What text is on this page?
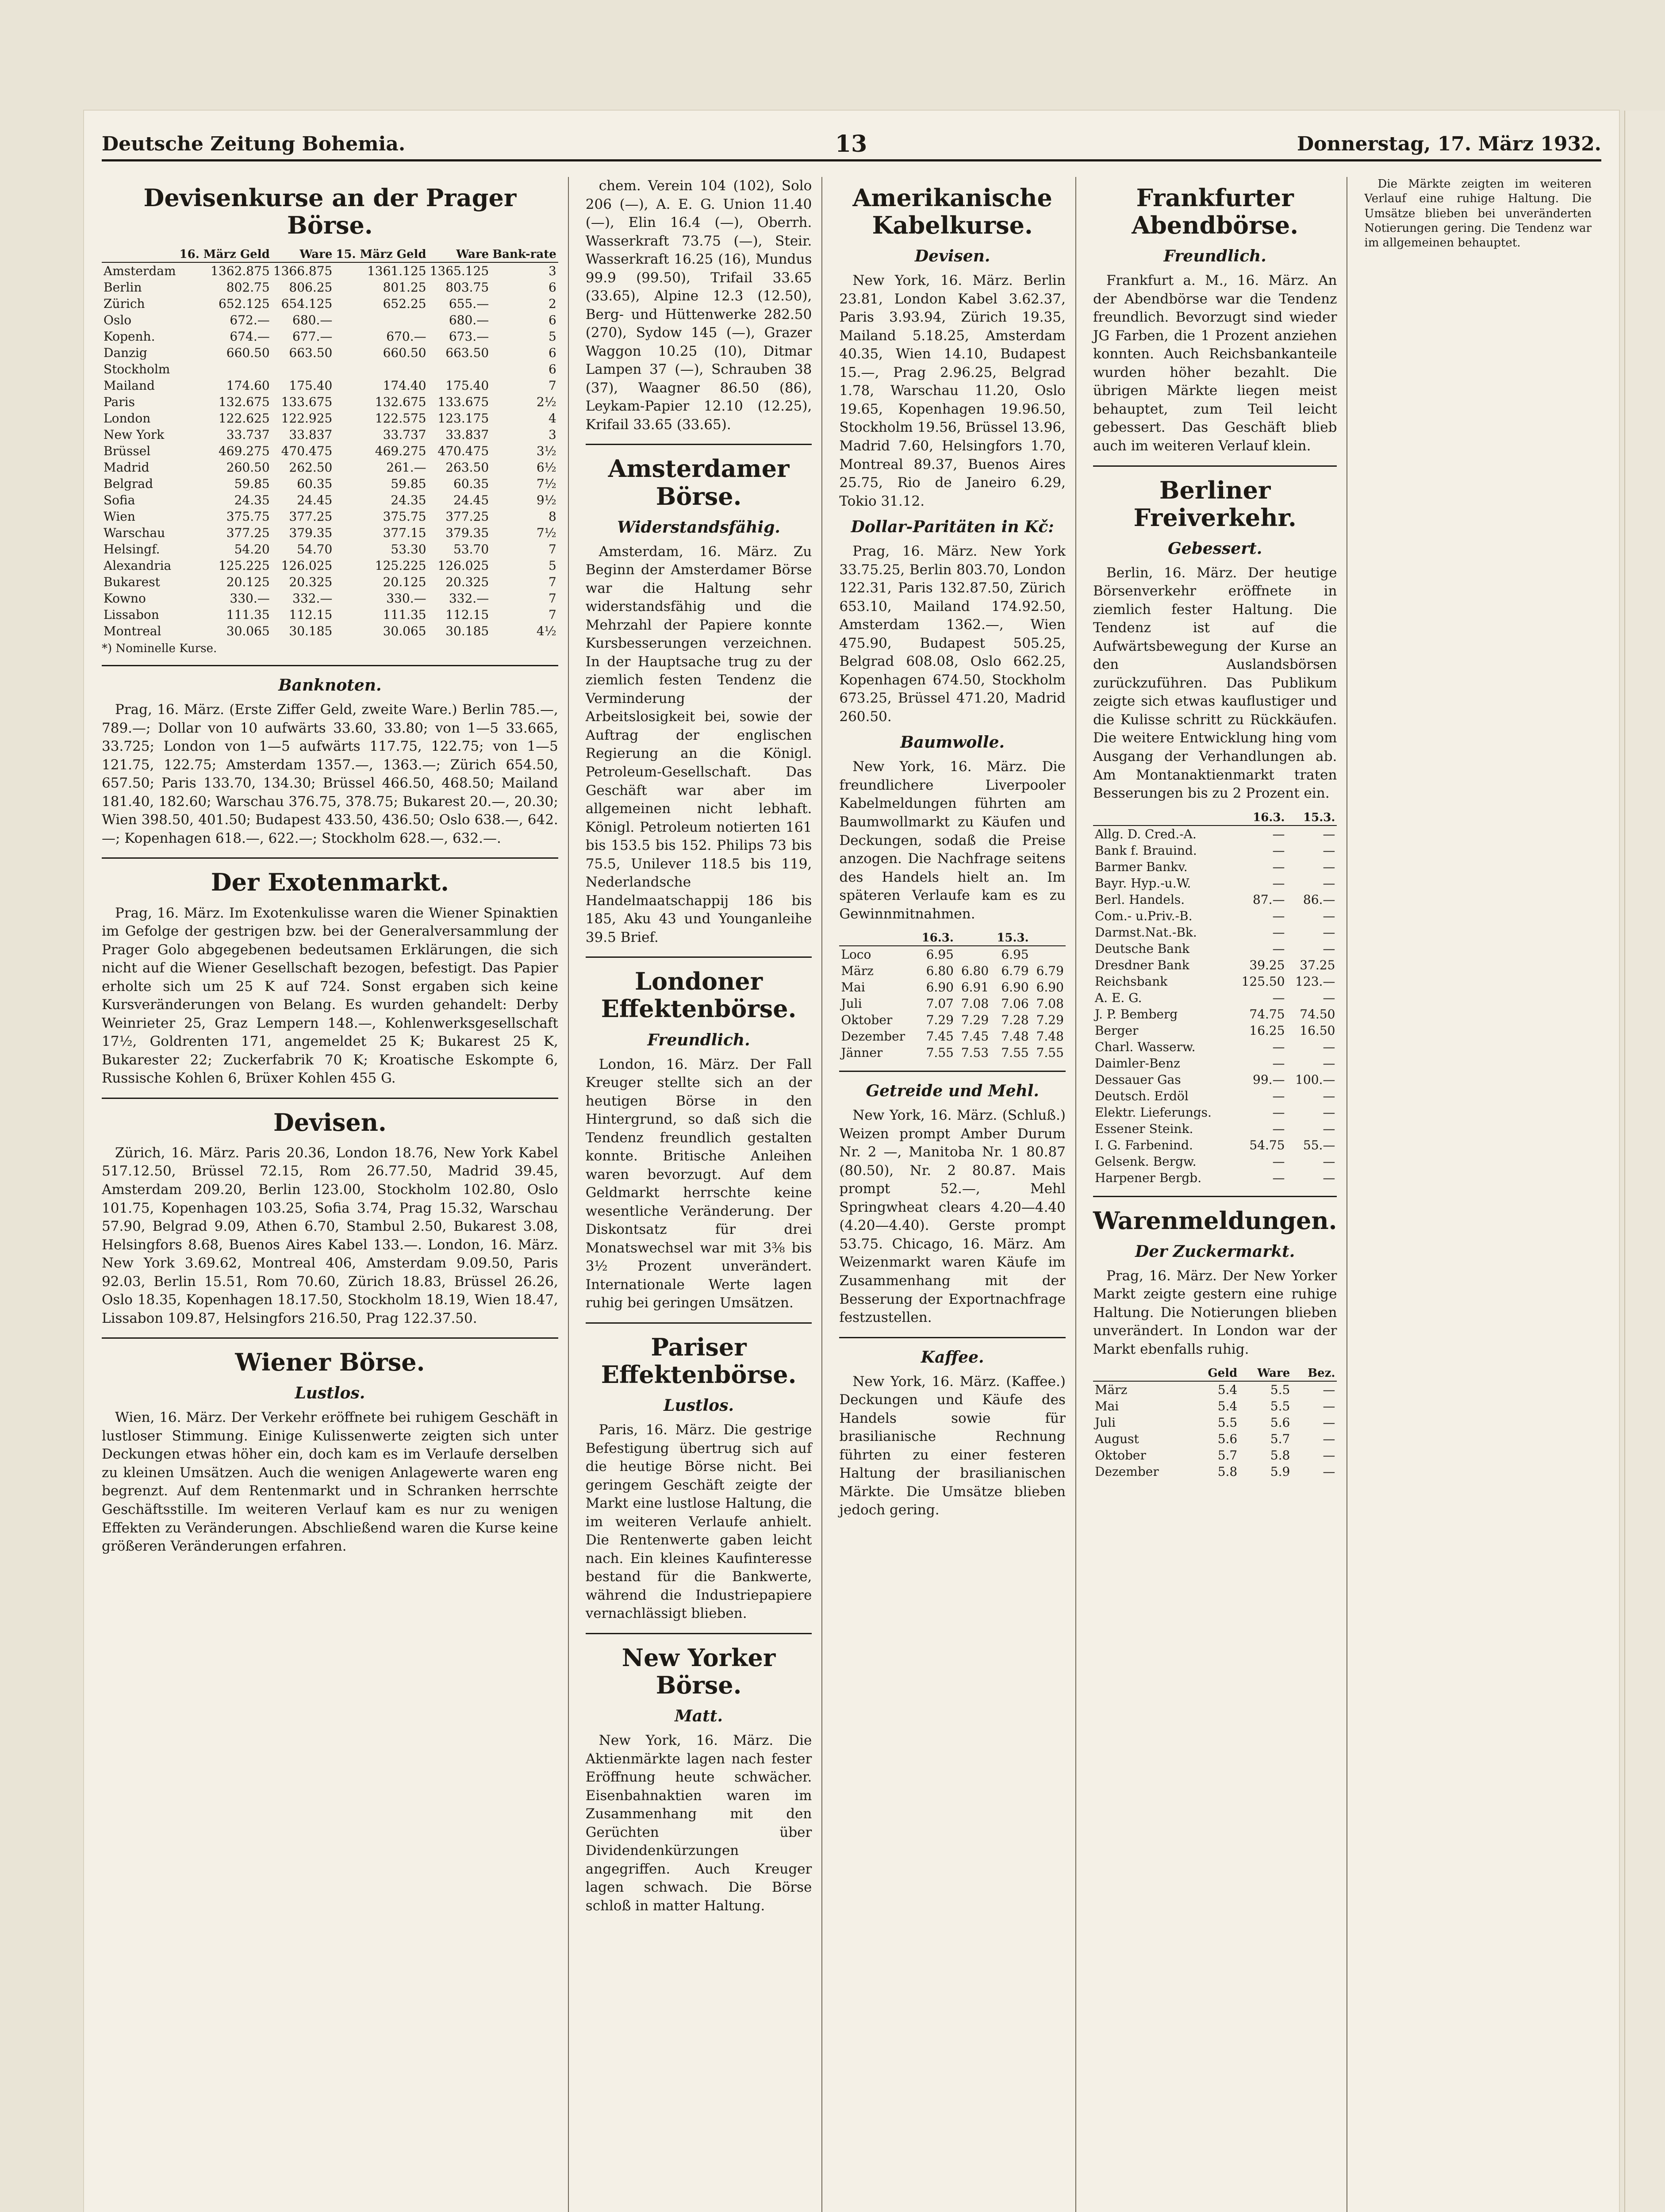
Deutsche Zeitung Bohemia.	13	Donnerstag, 17. März 1932.
Devisenkurse an der Prager Börse.
	16. März Geld	Ware	15. März Geld	Ware	Bank-rate
Amsterdam	1362.875	1366.875	1361.125	1365.125	3
Berlin	802.75	806.25	801.25	803.75	6
Zürich	652.125	654.125	652.25	655.—	2
Oslo	672.—	680.—		680.—	6
Kopenh.	674.—	677.—	670.—	673.—	5
Danzig	660.50	663.50	660.50	663.50	6
Stockholm					6
Mailand	174.60	175.40	174.40	175.40	7
Paris	132.675	133.675	132.675	133.675	2½
London	122.625	122.925	122.575	123.175	4
New York	33.737	33.837	33.737	33.837	3
Brüssel	469.275	470.475	469.275	470.475	3½
Madrid	260.50	262.50	261.—	263.50	6½
Belgrad	59.85	60.35	59.85	60.35	7½
Sofia	24.35	24.45	24.35	24.45	9½
Wien	375.75	377.25	375.75	377.25	8
Warschau	377.25	379.35	377.15	379.35	7½
Helsingf.	54.20	54.70	53.30	53.70	7
Alexandria	125.225	126.025	125.225	126.025	5
Bukarest	20.125	20.325	20.125	20.325	7
Kowno	330.—	332.—	330.—	332.—	7
Lissabon	111.35	112.15	111.35	112.15	7
Montreal	30.065	30.185	30.065	30.185	4½
*) Nominelle Kurse.
Banknoten.

Prag, 16. März. (Erste Ziffer Geld, zweite Ware.) Berlin 785.—, 789.—; Dollar von 10 aufwärts 33.60, 33.80; von 1—5 33.665, 33.725; London von 1—5 aufwärts 117.75, 122.75; von 1—5 121.75, 122.75; Amsterdam 1357.—, 1363.—; Zürich 654.50, 657.50; Paris 133.70, 134.30; Brüssel 466.50, 468.50; Mailand 181.40, 182.60; Warschau 376.75, 378.75; Bukarest 20.—, 20.30; Wien 398.50, 401.50; Budapest 433.50, 436.50; Oslo 638.—, 642.—; Kopenhagen 618.—, 622.—; Stockholm 628.—, 632.—.

Der Exotenmarkt.

Prag, 16. März. Im Exotenkulisse waren die Wiener Spinaktien im Gefolge der gestrigen bzw. bei der Generalversammlung der Prager Golo abgegebenen bedeutsamen Erklärungen, die sich nicht auf die Wiener Gesellschaft bezogen, befestigt. Das Papier erholte sich um 25 K auf 724. Sonst ergaben sich keine Kursveränderungen von Belang. Es wurden gehandelt: Derby Weinrieter 25, Graz Lempern 148.—, Kohlenwerksgesellschaft 17½, Goldrenten 171, angemeldet 25 K; Bukarest 25 K, Bukarester 22; Zuckerfabrik 70 K; Kroatische Eskompte 6, Russische Kohlen 6, Brüxer Kohlen 455 G.

Devisen.

Zürich, 16. März. Paris 20.36, London 18.76, New York Kabel 517.12.50, Brüssel 72.15, Rom 26.77.50, Madrid 39.45, Amsterdam 209.20, Berlin 123.00, Stockholm 102.80, Oslo 101.75, Kopenhagen 103.25, Sofia 3.74, Prag 15.32, Warschau 57.90, Belgrad 9.09, Athen 6.70, Stambul 2.50, Bukarest 3.08, Helsingfors 8.68, Buenos Aires Kabel 133.—. London, 16. März. New York 3.69.62, Montreal 406, Amsterdam 9.09.50, Paris 92.03, Berlin 15.51, Rom 70.60, Zürich 18.83, Brüssel 26.26, Oslo 18.35, Kopenhagen 18.17.50, Stockholm 18.19, Wien 18.47, Lissabon 109.87, Helsingfors 216.50, Prag 122.37.50.

Wiener Börse.
Lustlos.

Wien, 16. März. Der Verkehr eröffnete bei ruhigem Geschäft in lustloser Stimmung. Einige Kulissenwerte zeigten sich unter Deckungen etwas höher ein, doch kam es im Verlaufe derselben zu kleinen Umsätzen. Auch die wenigen Anlagewerte waren eng begrenzt. Auf dem Rentenmarkt und in Schranken herrschte Geschäftsstille. Im weiteren Verlauf kam es nur zu wenigen Effekten zu Veränderungen. Abschließend waren die Kurse keine größeren Veränderungen erfahren.

chem. Verein 104 (102), Solo 206 (—), A. E. G. Union 11.40 (—), Elin 16.4 (—), Oberrh. Wasserkraft 73.75 (—), Steir. Wasserkraft 16.25 (16), Mundus 99.9 (99.50), Trifail 33.65 (33.65), Alpine 12.3 (12.50), Berg- und Hüttenwerke 282.50 (270), Sydow 145 (—), Grazer Waggon 10.25 (10), Ditmar Lampen 37 (—), Schrauben 38 (37), Waagner 86.50 (86), Leykam-Papier 12.10 (12.25), Krifail 33.65 (33.65).

Amsterdamer Börse.
Widerstandsfähig.

Amsterdam, 16. März. Zu Beginn der Amsterdamer Börse war die Haltung sehr widerstandsfähig und die Mehrzahl der Papiere konnte Kursbesserungen verzeichnen. In der Hauptsache trug zu der ziemlich festen Tendenz die Verminderung der Arbeitslosigkeit bei, sowie der Auftrag der englischen Regierung an die Königl. Petroleum-Gesellschaft. Das Geschäft war aber im allgemeinen nicht lebhaft. Königl. Petroleum notierten 161 bis 153.5 bis 152. Philips 73 bis 75.5, Unilever 118.5 bis 119, Nederlandsche Handelmaatschappij 186 bis 185, Aku 43 und Younganleihe 39.5 Brief.

Londoner Effektenbörse.
Freundlich.

London, 16. März. Der Fall Kreuger stellte sich an der heutigen Börse in den Hintergrund, so daß sich die Tendenz freundlich gestalten konnte. Britische Anleihen waren bevorzugt. Auf dem Geldmarkt herrschte keine wesentliche Veränderung. Der Diskontsatz für drei Monatswechsel war mit 3⅜ bis 3½ Prozent unverändert. Internationale Werte lagen ruhig bei geringen Umsätzen.

Pariser Effektenbörse.
Lustlos.

Paris, 16. März. Die gestrige Befestigung übertrug sich auf die heutige Börse nicht. Bei geringem Geschäft zeigte der Markt eine lustlose Haltung, die im weiteren Verlaufe anhielt. Die Rentenwerte gaben leicht nach. Ein kleines Kaufinteresse bestand für die Bankwerte, während die Industriepapiere vernachlässigt blieben.

New Yorker Börse.
Matt.

New York, 16. März. Die Aktienmärkte lagen nach fester Eröffnung heute schwächer. Eisenbahnaktien waren im Zusammenhang mit den Gerüchten über Dividendenkürzungen angegriffen. Auch Kreuger lagen schwach. Die Börse schloß in matter Haltung.

Amerikanische Kabelkurse.
Devisen.

New York, 16. März. Berlin 23.81, London Kabel 3.62.37, Paris 3.93.94, Zürich 19.35, Mailand 5.18.25, Amsterdam 40.35, Wien 14.10, Budapest 15.—, Prag 2.96.25, Belgrad 1.78, Warschau 11.20, Oslo 19.65, Kopenhagen 19.96.50, Stockholm 19.56, Brüssel 13.96, Madrid 7.60, Helsingfors 1.70, Montreal 89.37, Buenos Aires 25.75, Rio de Janeiro 6.29, Tokio 31.12.

Dollar-Paritäten in Kč:

Prag, 16. März. New York 33.75.25, Berlin 803.70, London 122.31, Paris 132.87.50, Zürich 653.10, Mailand 174.92.50, Amsterdam 1362.—, Wien 475.90, Budapest 505.25, Belgrad 608.08, Oslo 662.25, Kopenhagen 674.50, Stockholm 673.25, Brüssel 471.20, Madrid 260.50.

Baumwolle.

New York, 16. März. Die freundlichere Liverpooler Kabelmeldungen führten am Baumwollmarkt zu Käufen und Deckungen, sodaß die Preise anzogen. Die Nachfrage seitens des Handels hielt an. Im späteren Verlaufe kam es zu Gewinnmitnahmen.

	16.3.		15.3.	
Loco	6.95		6.95	
März	6.80	6.80	6.79	6.79
Mai	6.90	6.91	6.90	6.90
Juli	7.07	7.08	7.06	7.08
Oktober	7.29	7.29	7.28	7.29
Dezember	7.45	7.45	7.48	7.48
Jänner	7.55	7.53	7.55	7.55
Getreide und Mehl.

New York, 16. März. (Schluß.) Weizen prompt Amber Durum Nr. 2 —, Manitoba Nr. 1 80.87 (80.50), Nr. 2 80.87. Mais prompt 52.—, Mehl Springwheat clears 4.20—4.40 (4.20—4.40). Gerste prompt 53.75. Chicago, 16. März. Am Weizenmarkt waren Käufe im Zusammenhang mit der Besserung der Exportnachfrage festzustellen.

Kaffee.

New York, 16. März. (Kaffee.) Deckungen und Käufe des Handels sowie für brasilianische Rechnung führten zu einer festeren Haltung der brasilianischen Märkte. Die Umsätze blieben jedoch gering.

Frankfurter Abendbörse.
Freundlich.

Frankfurt a. M., 16. März. An der Abendbörse war die Tendenz freundlich. Bevorzugt sind wieder JG Farben, die 1 Prozent anziehen konnten. Auch Reichsbankanteile wurden höher bezahlt. Die übrigen Märkte liegen meist behauptet, zum Teil leicht gebessert. Das Geschäft blieb auch im weiteren Verlauf klein.

Berliner Freiverkehr.
Gebessert.

Berlin, 16. März. Der heutige Börsenverkehr eröffnete in ziemlich fester Haltung. Die Tendenz ist auf die Aufwärtsbewegung der Kurse an den Auslandsbörsen zurückzuführen. Das Publikum zeigte sich etwas kauflustiger und die Kulisse schritt zu Rückkäufen. Die weitere Entwicklung hing vom Ausgang der Verhandlungen ab. Am Montanaktienmarkt traten Besserungen bis zu 2 Prozent ein.

	16.3.	15.3.
Allg. D. Cred.-A.	—	—
Bank f. Brauind.	—	—
Barmer Bankv.	—	—
Bayr. Hyp.-u.W.	—	—
Berl. Handels.	87.—	86.—
Com.- u.Priv.-B.	—	—
Darmst.Nat.-Bk.	—	—
Deutsche Bank	—	—
Dresdner Bank	39.25	37.25
Reichsbank	125.50	123.—
A. E. G.	—	—
J. P. Bemberg	74.75	74.50
Berger	16.25	16.50
Charl. Wasserw.	—	—
Daimler-Benz	—	—
Dessauer Gas	99.—	100.—
Deutsch. Erdöl	—	—
Elektr. Lieferungs.	—	—
Essener Steink.	—	—
I. G. Farbenind.	54.75	55.—
Gelsenk. Bergw.	—	—
Harpener Bergb.	—	—
Warenmeldungen.
Der Zuckermarkt.

Prag, 16. März. Der New Yorker Markt zeigte gestern eine ruhige Haltung. Die Notierungen blieben unverändert. In London war der Markt ebenfalls ruhig.

	Geld	Ware	Bez.
März	5.4	5.5	—
Mai	5.4	5.5	—
Juli	5.5	5.6	—
August	5.6	5.7	—
Oktober	5.7	5.8	—
Dezember	5.8	5.9	—

Die Märkte zeigten im weiteren Verlauf eine ruhige Haltung. Die Umsätze blieben bei unveränderten Notierungen gering. Die Tendenz war im allgemeinen behauptet.
